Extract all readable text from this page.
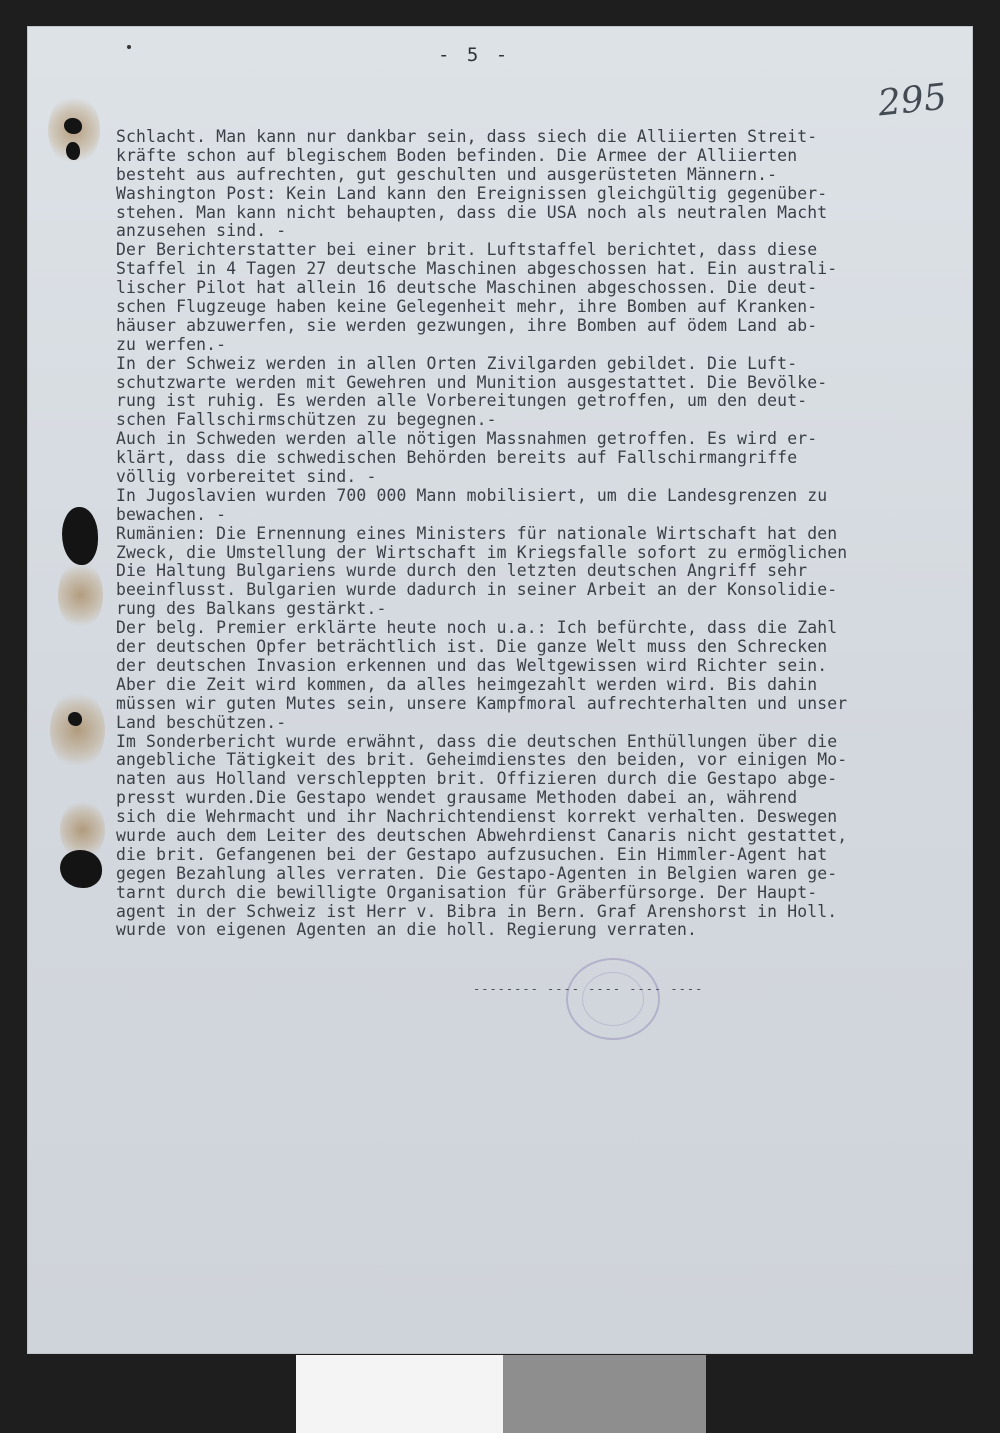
- 5 -
295
Schlacht. Man kann nur dankbar sein, dass siech die Alliierten Streit-
kräfte schon auf blegischem Boden befinden. Die Armee der Alliierten
besteht aus aufrechten, gut geschulten und ausgerüsteten Männern.-
Washington Post: Kein Land kann den Ereignissen gleichgültig gegenüber-
stehen. Man kann nicht behaupten, dass die USA noch als neutralen Macht
anzusehen sind. -
Der Berichterstatter bei einer brit. Luftstaffel berichtet, dass diese
Staffel in 4 Tagen 27 deutsche Maschinen abgeschossen hat. Ein australi-
lischer Pilot hat allein 16 deutsche Maschinen abgeschossen. Die deut-
schen Flugzeuge haben keine Gelegenheit mehr, ihre Bomben auf Kranken-
häuser abzuwerfen, sie werden gezwungen, ihre Bomben auf ödem Land ab-
zu werfen.-
In der Schweiz werden in allen Orten Zivilgarden gebildet. Die Luft-
schutzwarte werden mit Gewehren und Munition ausgestattet. Die Bevölke-
rung ist ruhig. Es werden alle Vorbereitungen getroffen, um den deut-
schen Fallschirmschützen zu begegnen.-
Auch in Schweden werden alle nötigen Massnahmen getroffen. Es wird er-
klärt, dass die schwedischen Behörden bereits auf Fallschirmangriffe
völlig vorbereitet sind. -
In Jugoslavien wurden 700 000 Mann mobilisiert, um die Landesgrenzen zu
bewachen. -
Rumänien: Die Ernennung eines Ministers für nationale Wirtschaft hat den
Zweck, die Umstellung der Wirtschaft im Kriegsfalle sofort zu ermöglichen
Die Haltung Bulgariens wurde durch den letzten deutschen Angriff sehr
beeinflusst. Bulgarien wurde dadurch in seiner Arbeit an der Konsolidie-
rung des Balkans gestärkt.-
Der belg. Premier erklärte heute noch u.a.: Ich befürchte, dass die Zahl
der deutschen Opfer beträchtlich ist. Die ganze Welt muss den Schrecken
der deutschen Invasion erkennen und das Weltgewissen wird Richter sein.
Aber die Zeit wird kommen, da alles heimgezahlt werden wird. Bis dahin
müssen wir guten Mutes sein, unsere Kampfmoral aufrechterhalten und unser
Land beschützen.-
Im Sonderbericht wurde erwähnt, dass die deutschen Enthüllungen über die
angebliche Tätigkeit des brit. Geheimdienstes den beiden, vor einigen Mo-
naten aus Holland verschleppten brit. Offizieren durch die Gestapo abge-
presst wurden.Die Gestapo wendet grausame Methoden dabei an, während
sich die Wehrmacht und ihr Nachrichtendienst korrekt verhalten. Deswegen
wurde auch dem Leiter des deutschen Abwehrdienst Canaris nicht gestattet,
die brit. Gefangenen bei der Gestapo aufzusuchen. Ein Himmler-Agent hat
gegen Bezahlung alles verraten. Die Gestapo-Agenten in Belgien waren ge-
tarnt durch die bewilligte Organisation für Gräberfürsorge. Der Haupt-
agent in der Schweiz ist Herr v. Bibra in Bern. Graf Arenshorst in Holl.
wurde von eigenen Agenten an die holl. Regierung verraten.
-------- ---- ---- ---- ----
